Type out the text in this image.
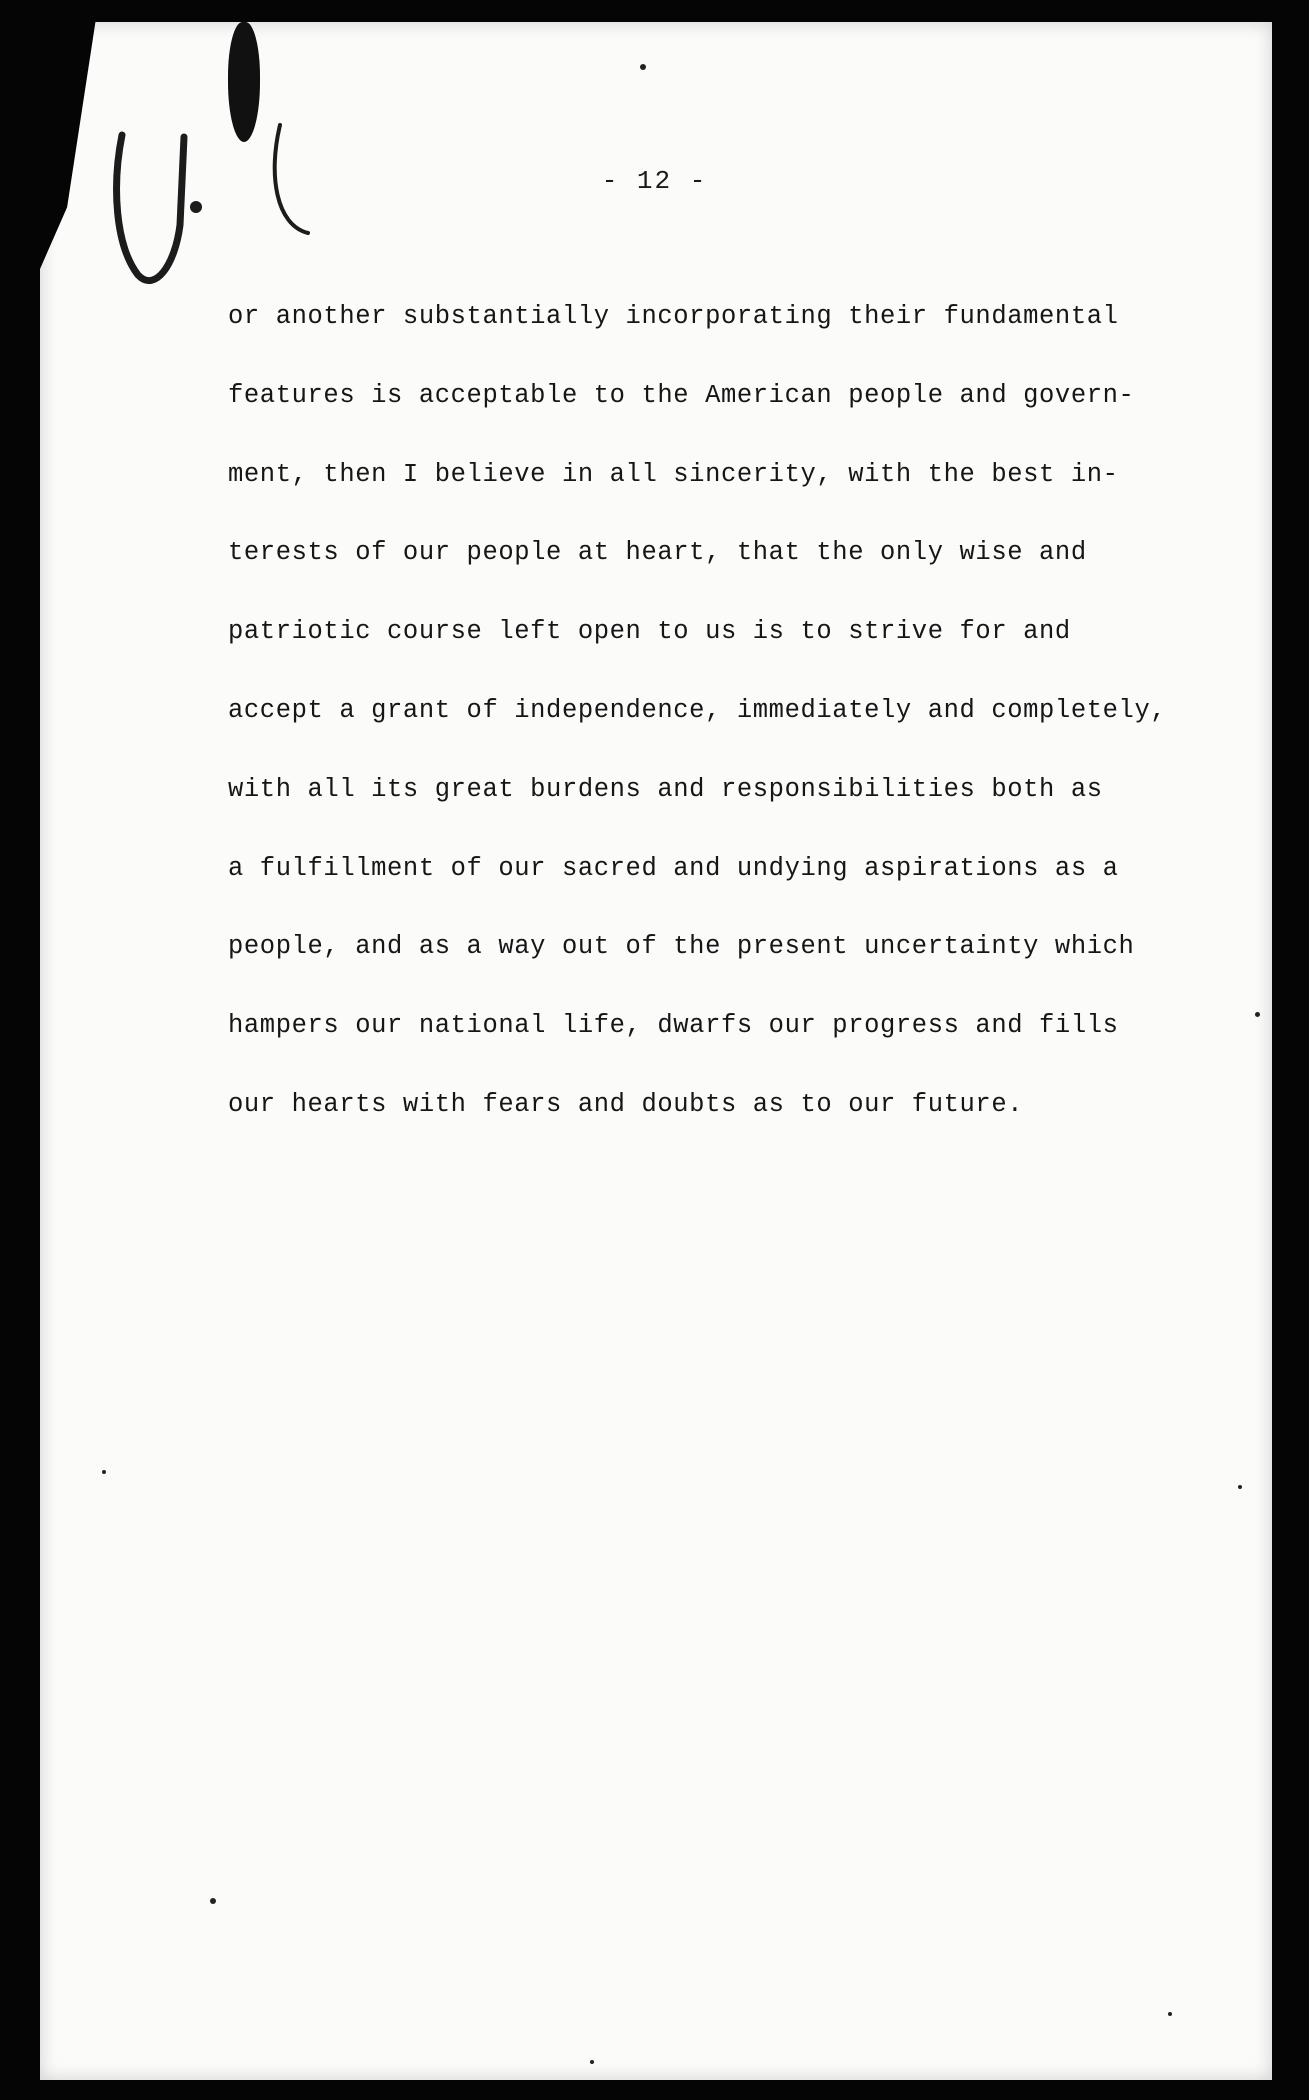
- 12 -
or another substantially incorporating their fundamental
features is acceptable to the American people and govern-
ment, then I believe in all sincerity, with the best in-
terests of our people at heart, that the only wise and
patriotic course left open to us is to strive for and
accept a grant of independence, immediately and completely,
with all its great burdens and responsibilities both as
a fulfillment of our sacred and undying aspirations as a
people, and as a way out of the present uncertainty which
hampers our national life, dwarfs our progress and fills
our hearts with fears and doubts as to our future.
